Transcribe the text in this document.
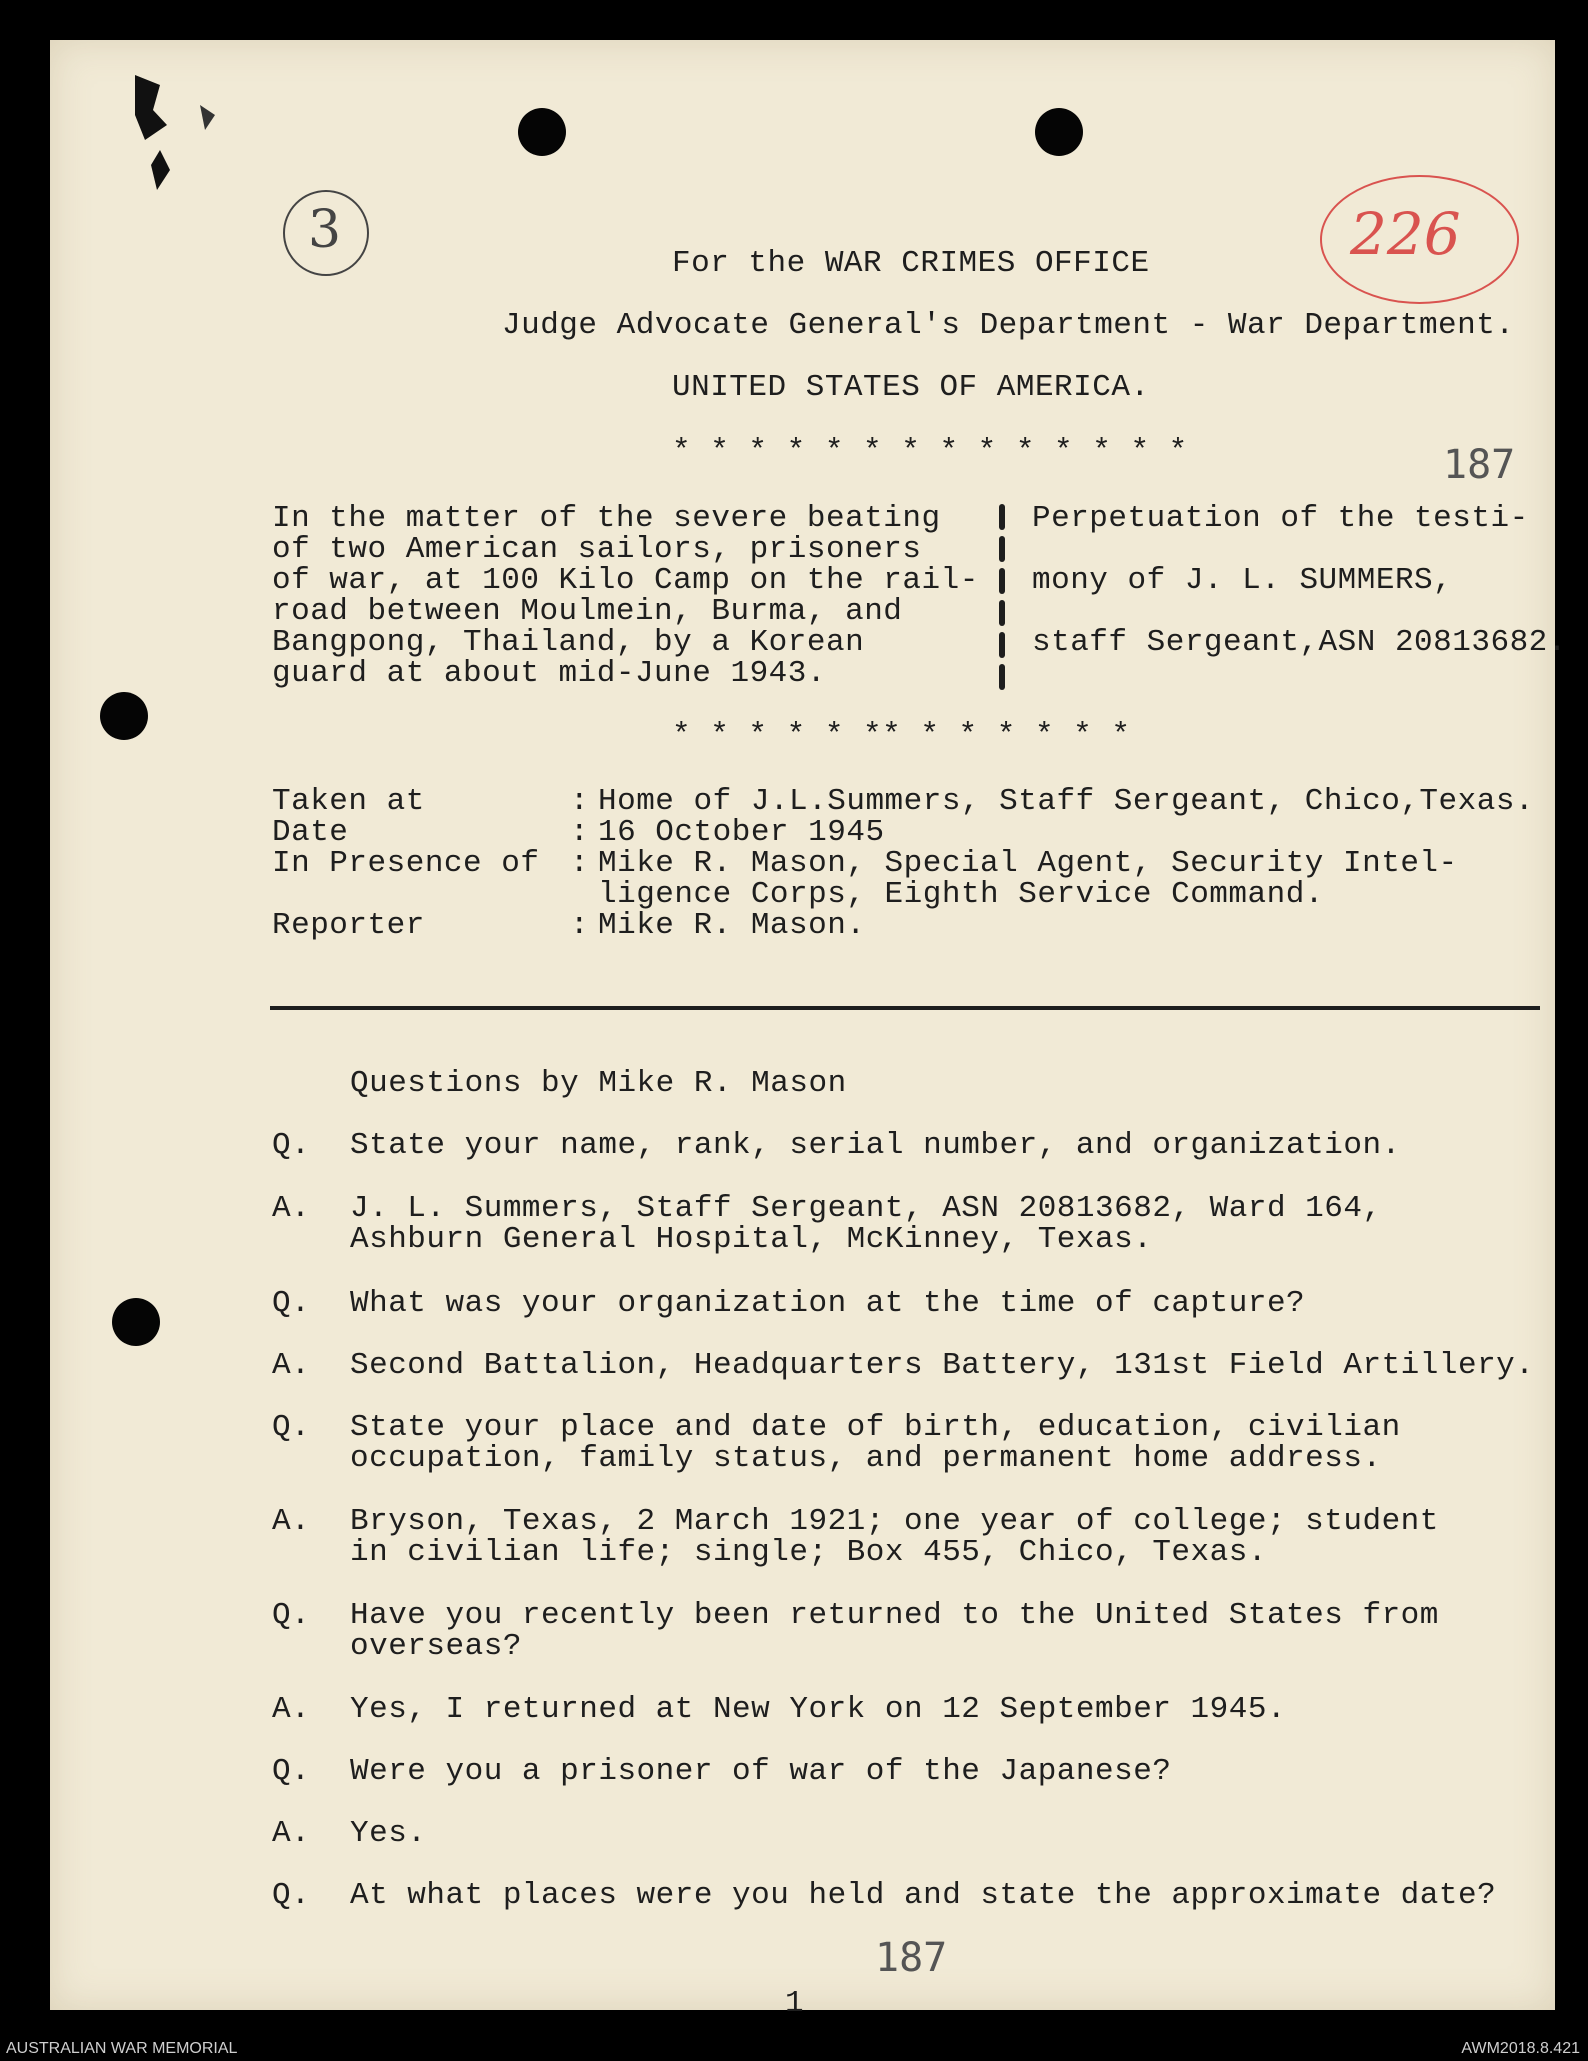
3	226
For the WAR CRIMES OFFICE
Judge Advocate General's Department - War Department.
UNITED STATES OF AMERICA.
* * * * * * * * * * * * * *	187
In the matter of the severe beating
of two American sailors, prisoners
of war, at 100 Kilo Camp on the rail-
road between Moulmein, Burma, and
Bangpong, Thailand, by a Korean
guard at about mid-June 1943.
Perpetuation of the testi-
mony of J. L. SUMMERS,
staff Sergeant,ASN 20813682.
* * * * * ** * * * * * *
Taken at	: Home of J.L.Summers, Staff Sergeant, Chico,Texas.
Date	: 16 October 1945
In Presence of : Mike R. Mason, Special Agent, Security Intel-
ligence Corps, Eighth Service Command.
Reporter	: Mike R. Mason.
Questions by Mike R. Mason
Q. State your name, rank, serial number, and organization.
A. J. L. Summers, Staff Sergeant, ASN 20813682, Ward 164,
Ashburn General Hospital, McKinney, Texas.
Q. What was your organization at the time of capture?
A. Second Battalion, Headquarters Battery, 131st Field Artillery.
Q. State your place and date of birth, education, civilian
occupation, family status, and permanent home address.
A. Bryson, Texas, 2 March 1921; one year of college; student
in civilian life; single; Box 455, Chico, Texas.
Q. Have you recently been returned to the United States from
overseas?
A. Yes, I returned at New York on 12 September 1945.
Q. Were you a prisoner of war of the Japanese?
A. Yes.
Q. At what places were you held and state the approximate date?
187
1
AUSTRALIAN WAR MEMORIAL	AWM2018.8.421
